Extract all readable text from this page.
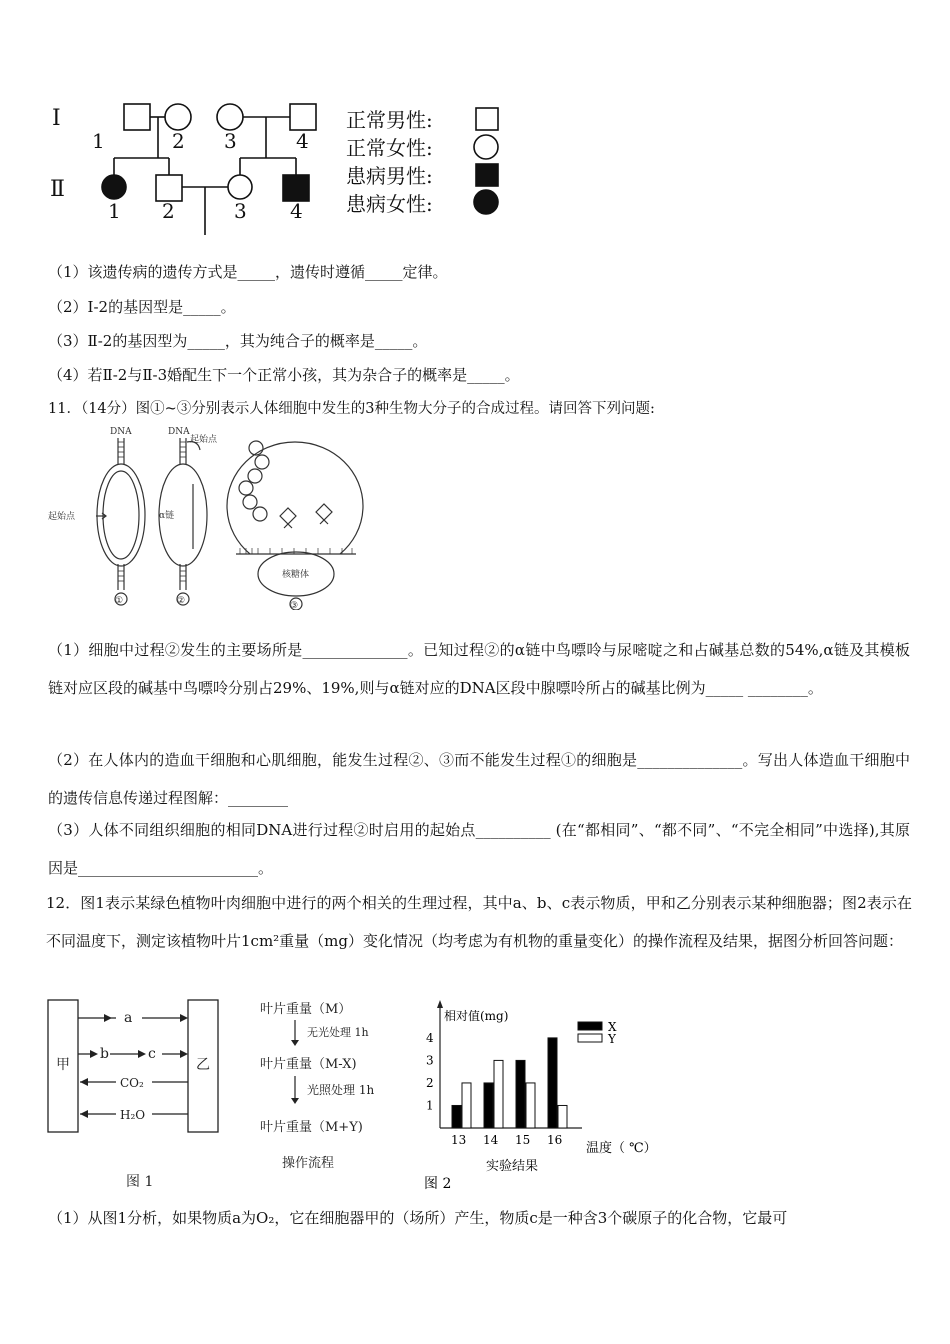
Ⅰ
Ⅱ
1	2 3	4
1 2	3 4
正常男性:
正常女性:
患病男性:
患病女性:
（1）该遗传病的遗传方式是_____，遗传时遵循_____定律。
（2）Ⅰ-2的基因型是_____。
（3）Ⅱ-2的基因型为_____，其为纯合子的概率是_____。
（4）若Ⅱ-2与Ⅱ-3婚配生下一个正常小孩，其为杂合子的概率是_____。
11．（14分）图①~③分别表示人体细胞中发生的3种生物大分子的合成过程。请回答下列问题:
DNA	DNA
起始点
起始点	α链
核糖体
①	②	③
（1）细胞中过程②发生的主要场所是______________。已知过程②的α链中鸟嘌呤与尿嘧啶之和占碱基总数的54%,α链及其模板链对应区段的碱基中鸟嘌呤分别占29%、19%,则与α链对应的DNA区段中腺嘌呤所占的碱基比例为_____ ________。
（2）在人体内的造血干细胞和心肌细胞，能发生过程②、③而不能发生过程①的细胞是______________。写出人体造血干细胞中的遗传信息传递过程图解：________
（3）人体不同组织细胞的相同DNA进行过程②时启用的起始点__________ (在“都相同”、“都不同”、“不完全相同”中选择),其原因是________________________。
12．图1表示某绿色植物叶肉细胞中进行的两个相关的生理过程，其中a、b、c表示物质，甲和乙分别表示某种细胞器；图2表示在不同温度下，测定该植物叶片1cm²重量（mg）变化情况（均考虑为有机物的重量变化）的操作流程及结果，据图分析回答问题：
甲	乙
a
b	c
CO₂
H₂O
图 1
叶片重量（M）
无光处理 1h
叶片重量（M-X)
光照处理 1h
叶片重量（M+Y)
操作流程
相对值(mg)
温度（ ℃）
实验结果
图 2
1
2
3
4
13 14 15 16
X
Y
（1）从图1分析，如果物质a为O₂，它在细胞器甲的（场所）产生，物质c是一种含3个碳原子的化合物，它最可
